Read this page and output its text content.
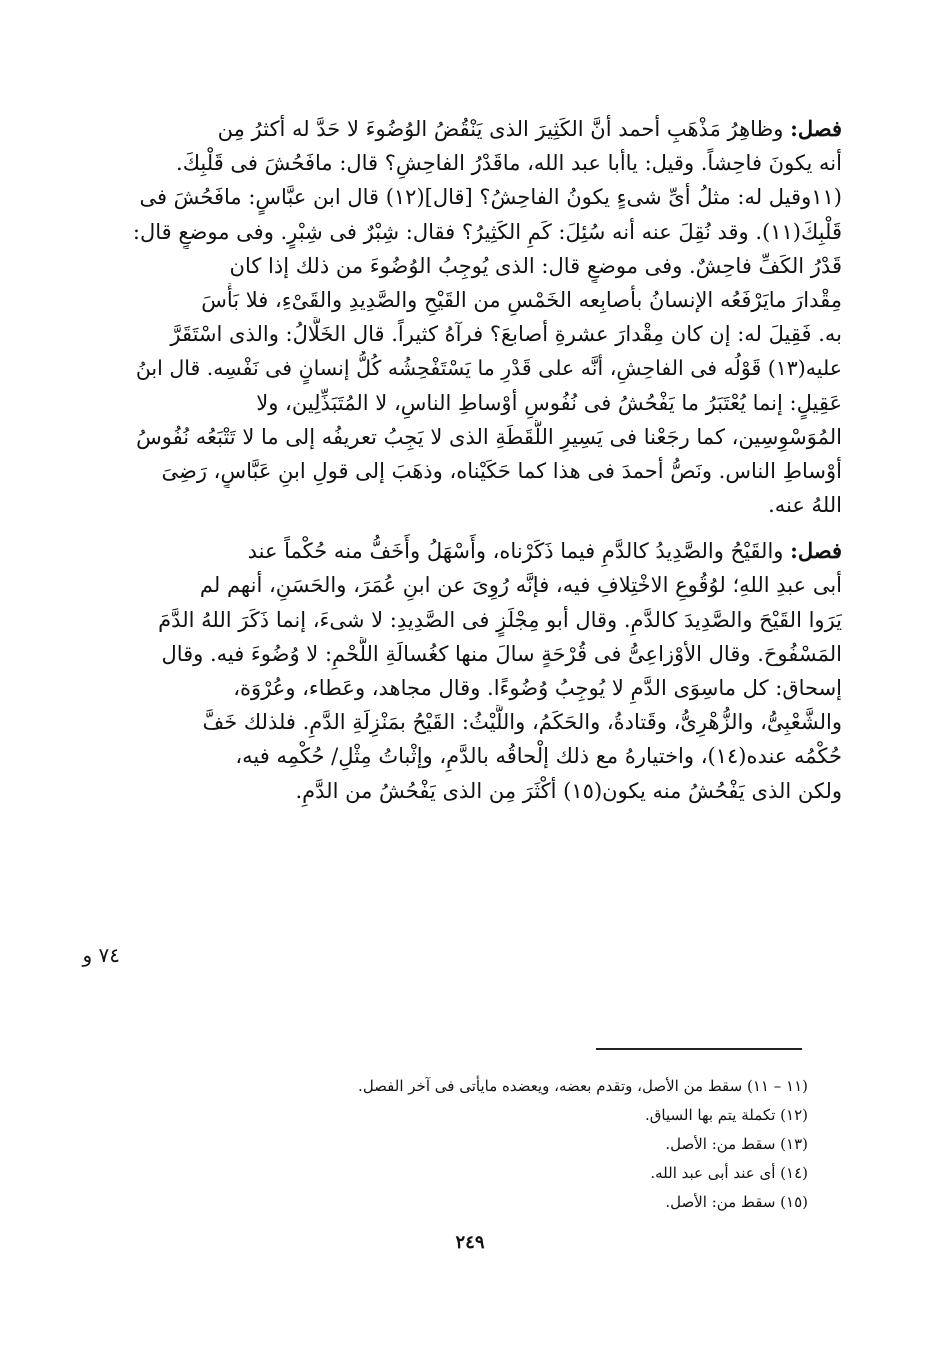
فصل: وظاهِرُ مَذْهَبِ أحمد أنَّ الكَثِيرَ الذى يَنْقُضُ الوُضُوءَ لا حَدَّ له أكثرُ مِن
أنه يكونَ فاحِشاً. وقيل: ياأبا عبد الله، ماقَدْرُ الفاحِشِ؟ قال: مافَحُشَ فى قَلْبِكَ.
(١١وقيل له: مثلُ أىِّ شىءٍ يكونُ الفاحِشُ؟ [قال](١٢) قال ابن عبَّاسٍ: مافَحُشَ فى
قَلْبِكَ(١١). وقد نُقِلَ عنه أنه سُئِلَ: كَمِ الكَثِيرُ؟ فقال: شِبْرٌ فى شِبْرٍ. وفى موضعٍ قال:
قَدْرُ الكَفِّ فاحِشٌ. وفى موضعٍ قال: الذى يُوجِبُ الوُضُوءَ من ذلك إذا كان
مِقْدارَ مايَرْفَعُه الإنسانُ بأصابِعه الخَمْسِ من القَيْحِ والصَّدِيدِ والقَىْءِ، فلا بَأْسَ
به. فَقِيلَ له: إن كان مِقْدارَ عشرةِ أصابعَ؟ فرآهُ كثيراً. قال الخَلَّالُ: والذى اسْتَقَرَّ
عليه(١٣) قَوْلُه فى الفاحِشِ، أنَّه على قَدْرِ ما يَسْتَفْحِشُه كُلُّ إنسانٍ فى نَفْسِه. قال ابنُ
عَقِيلٍ: إنما يُعْتَبَرُ ما يَفْحُشُ فى نُفُوسِ أوْساطِ الناسِ، لا المُتَبَذِّلِين، ولا
المُوَسْوِسِين، كما رجَعْنا فى يَسِيرِ اللُّقَطَةِ الذى لا يَجِبُ تعريفُه إلى ما لا تَتْبَعُه نُفُوسُ
أوْساطِ الناس. ونَصُّ أحمدَ فى هذا كما حَكَيْناه، وذهَبَ إلى قولِ ابنِ عَبَّاسٍ، رَضِىَ
اللهُ عنه.
فصل: والقَيْحُ والصَّدِيدُ كالدَّمِ فيما ذَكَرْناه، وأَسْهَلُ وأَخَفُّ منه حُكْماً عند
أبى عبدِ اللهِ؛ لوُقُوعِ الاخْتِلافِ فيه، فإنَّه رُوِىَ عن ابنِ عُمَرَ، والحَسَنِ، أنهم لم
يَرَوا القَيْحَ والصَّدِيدَ كالدَّمِ. وقال أبو مِجْلَزٍ فى الصَّدِيدِ: لا شىءَ، إنما ذَكَرَ اللهُ الدَّمَ
المَسْفُوحَ. وقال الأوْزاعِىُّ فى قُرْحَةٍ سالَ منها كغُسالَةِ اللَّحْمِ: لا وُضُوءَ فيه. وقال
إسحاق: كل ماسِوَى الدَّمِ لا يُوجِبُ وُضُوءًا. وقال مجاهد، وعَطاء، وعُرْوَة،
والشَّعْبِىُّ، والزُّهْرِىُّ، وقَتادةُ، والحَكَمُ، واللَّيْثُ: القَيْحُ بمَنْزِلَةِ الدَّمِ. فلذلك خَفَّ
حُكْمُه عنده(١٤)، واختيارهُ مع ذلك إلْحاقُه بالدَّمِ، وإثْباتُ مِثْلِ/ حُكْمِه فيه،
ولكن الذى يَفْحُشُ منه يكون(١٥) أكْثَرَ مِن الذى يَفْحُشُ من الدَّمِ.
٧٤ و
(١١ – ١١) سقط من الأصل، وتقدم بعضه، ويعضده مايأتى فى آخر الفصل.
(١٢) تكملة يتم بها السياق.
(١٣) سقط من: الأصل.
(١٤) أى عند أبى عبد الله.
(١٥) سقط من: الأصل.
٢٤٩
